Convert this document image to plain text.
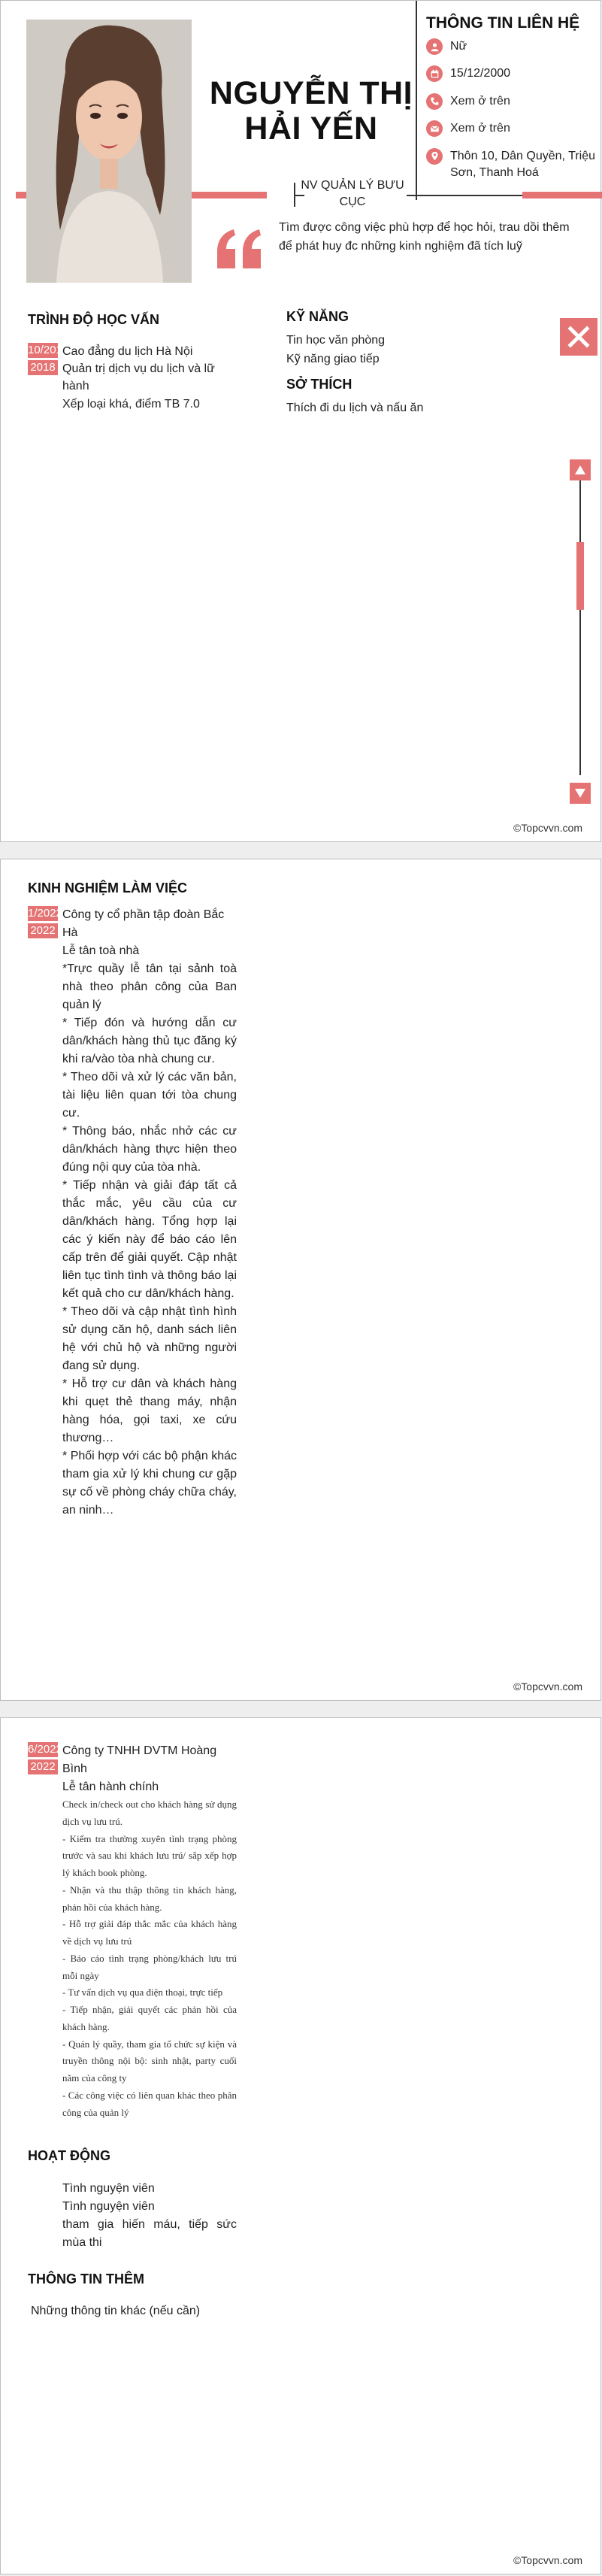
NGUYỄN THỊ
HẢI YẾN
NV QUẢN LÝ BƯU CỤC
Tìm được công việc phù hợp để học hỏi, trau dồi thêm để phát huy đc những kinh nghiệm đã tích luỹ
THÔNG TIN LIÊN HỆ
Nữ
15/12/2000
Xem ở trên
Xem ở trên
Thôn 10, Dân Quyền, Triệu Sơn, Thanh Hoá
TRÌNH ĐỘ HỌC VẤN
10/2018
2018
Cao đẳng du lịch Hà Nội
Quản trị dịch vụ du lịch và lữ hành
Xếp loại khá, điểm TB 7.0
KỸ NĂNG
Tin học văn phòng
Kỹ năng giao tiếp
SỞ THÍCH
Thích đi du lịch và nấu ăn
©Topcvvn.com
KINH NGHIỆM LÀM VIỆC
1/2022
2022
Công ty cổ phần tập đoàn Bắc Hà
Lễ tân toà nhà

*Trực quầy lễ tân tại sảnh toà nhà theo phân công của Ban quản lý

* Tiếp đón và hướng dẫn cư dân/khách hàng thủ tục đăng ký khi ra/vào tòa nhà chung cư.

* Theo dõi và xử lý các văn bản, tài liệu liên quan tới tòa chung cư.

* Thông báo, nhắc nhở các cư dân/khách hàng thực hiện theo đúng nội quy của tòa nhà.

* Tiếp nhận và giải đáp tất cả thắc mắc, yêu cầu của cư dân/khách hàng. Tổng hợp lại các ý kiến này để báo cáo lên cấp trên để giải quyết. Cập nhật liên tục tình tình và thông báo lại kết quả cho cư dân/khách hàng.

* Theo dõi và cập nhật tình hình sử dụng căn hộ, danh sách liên hệ với chủ hộ và những người đang sử dụng.

* Hỗ trợ cư dân và khách hàng khi quẹt thẻ thang máy, nhận hàng hóa, gọi taxi, xe cứu thương…

* Phối hợp với các bộ phận khác tham gia xử lý khi chung cư gặp sự cố về phòng cháy chữa cháy, an ninh…

©Topcvvn.com
6/2022
2022
Công ty TNHH DVTM Hoàng Bình
Lễ tân hành chính

Check in/check out cho khách hàng sử dụng dịch vụ lưu trú.

- Kiểm tra thường xuyên tình trạng phòng trước và sau khi khách lưu trú/ sắp xếp hợp lý khách book phòng.

- Nhận và thu thập thông tin khách hàng, phản hồi của khách hàng.

- Hỗ trợ giải đáp thắc mắc của khách hàng về dịch vụ lưu trú

- Báo cáo tình trạng phòng/khách lưu trú mỗi ngày

- Tư vấn dịch vụ qua điện thoại, trực tiếp

- Tiếp nhận, giải quyết các phản hồi của khách hàng.

- Quản lý quầy, tham gia tổ chức sự kiện và truyền thông nội bộ: sinh nhật, party cuối năm của công ty

- Các công việc có liên quan khác theo phân công của quản lý

HOẠT ĐỘNG

Tình nguyện viên

Tình nguyện viên

tham gia hiến máu, tiếp sức mùa thi

THÔNG TIN THÊM
Những thông tin khác (nếu cần)
©Topcvvn.com
